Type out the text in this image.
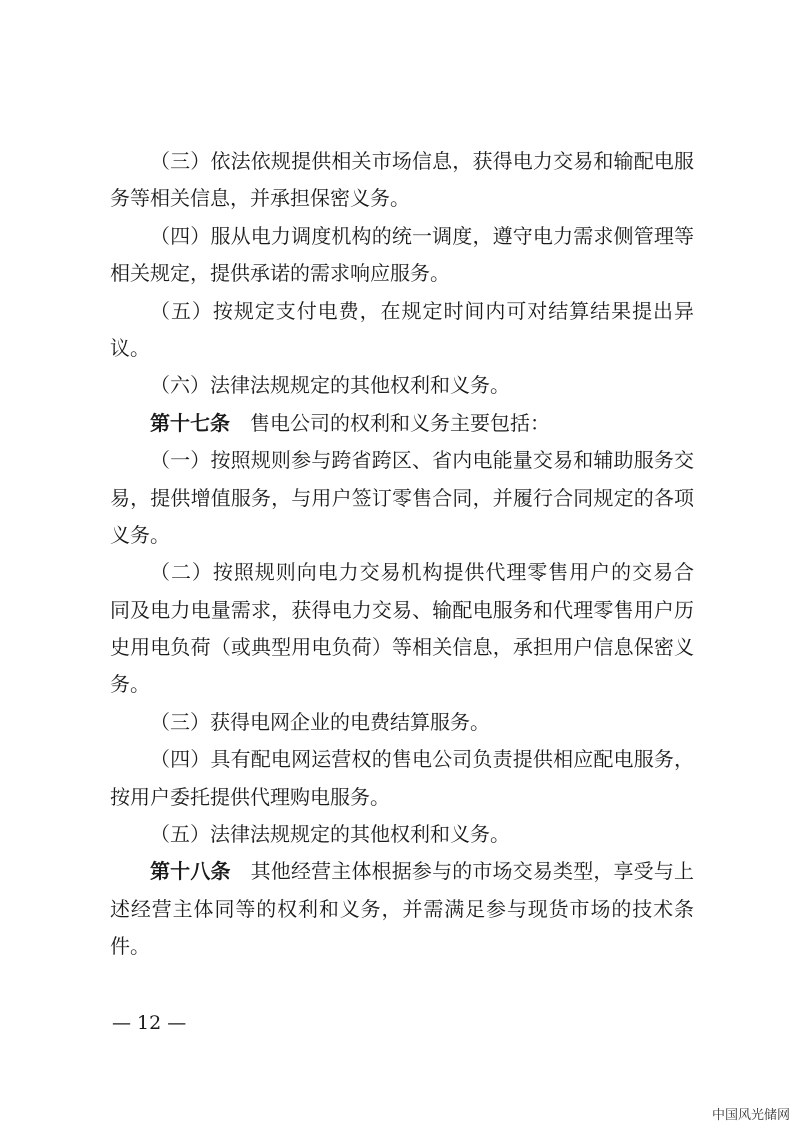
（三）依法依规提供相关市场信息，获得电力交易和输配电服
务等相关信息，并承担保密义务。
（四）服从电力调度机构的统一调度，遵守电力需求侧管理等
相关规定，提供承诺的需求响应服务。
（五）按规定支付电费，在规定时间内可对结算结果提出异
议。
（六）法律法规规定的其他权利和义务。
第十七条 售电公司的权利和义务主要包括：
（一）按照规则参与跨省跨区、省内电能量交易和辅助服务交
易，提供增值服务，与用户签订零售合同，并履行合同规定的各项
义务。
（二）按照规则向电力交易机构提供代理零售用户的交易合
同及电力电量需求，获得电力交易、输配电服务和代理零售用户历
史用电负荷（或典型用电负荷）等相关信息，承担用户信息保密义
务。
（三）获得电网企业的电费结算服务。
（四）具有配电网运营权的售电公司负责提供相应配电服务，
按用户委托提供代理购电服务。
（五）法律法规规定的其他权利和义务。
第十八条 其他经营主体根据参与的市场交易类型，享受与上
述经营主体同等的权利和义务，并需满足参与现货市场的技术条
件。
— 12 —
中国风光储网
